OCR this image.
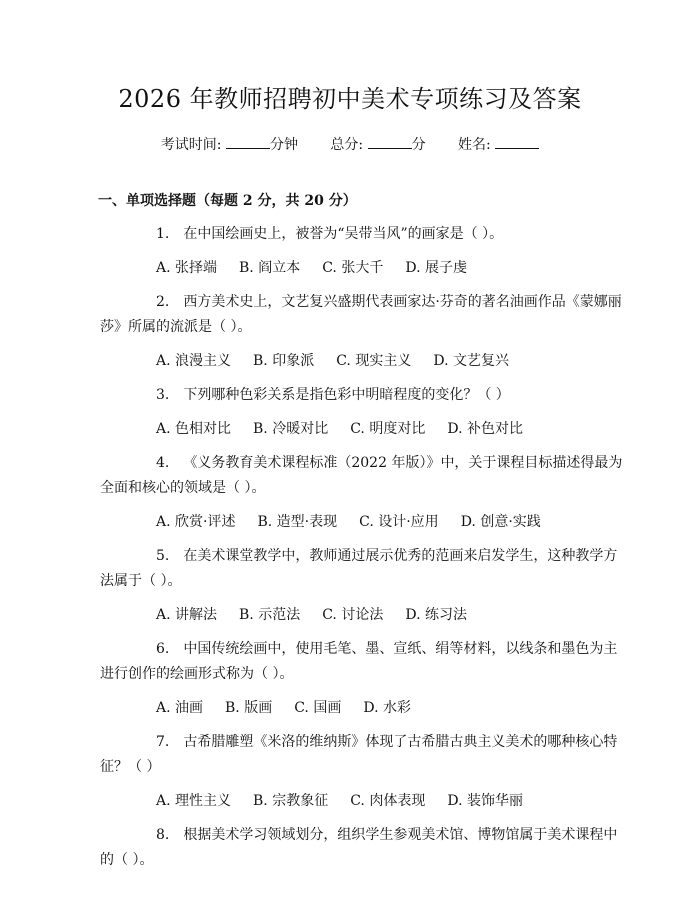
2026 年教师招聘初中美术专项练习及答案
考试时间:	分钟 总分:	分 姓名:
一、单项选择题（每题 2 分，共 20 分）

1. 在中国绘画史上，被誉为“吴带当风”的画家是（ ）。

A. 张择端 B. 阎立本 C. 张大千 D. 展子虔

2. 西方美术史上，文艺复兴盛期代表画家达·芬奇的著名油画作品《蒙娜丽莎》所属的流派是（ ）。

A. 浪漫主义 B. 印象派 C. 现实主义 D. 文艺复兴

3. 下列哪种色彩关系是指色彩中明暗程度的变化？（ ）

A. 色相对比 B. 冷暖对比 C. 明度对比 D. 补色对比

4. 《义务教育美术课程标准（2022 年版）》中，关于课程目标描述得最为全面和核心的领域是（ ）。

A. 欣赏·评述 B. 造型·表现 C. 设计·应用 D. 创意·实践

5. 在美术课堂教学中，教师通过展示优秀的范画来启发学生，这种教学方法属于（ ）。

A. 讲解法 B. 示范法 C. 讨论法 D. 练习法

6. 中国传统绘画中，使用毛笔、墨、宣纸、绢等材料，以线条和墨色为主进行创作的绘画形式称为（ ）。

A. 油画 B. 版画 C. 国画 D. 水彩

7. 古希腊雕塑《米洛的维纳斯》体现了古希腊古典主义美术的哪种核心特征？（ ）

A. 理性主义 B. 宗教象征 C. 肉体表现 D. 装饰华丽

8. 根据美术学习领域划分，组织学生参观美术馆、博物馆属于美术课程中的（ ）。
